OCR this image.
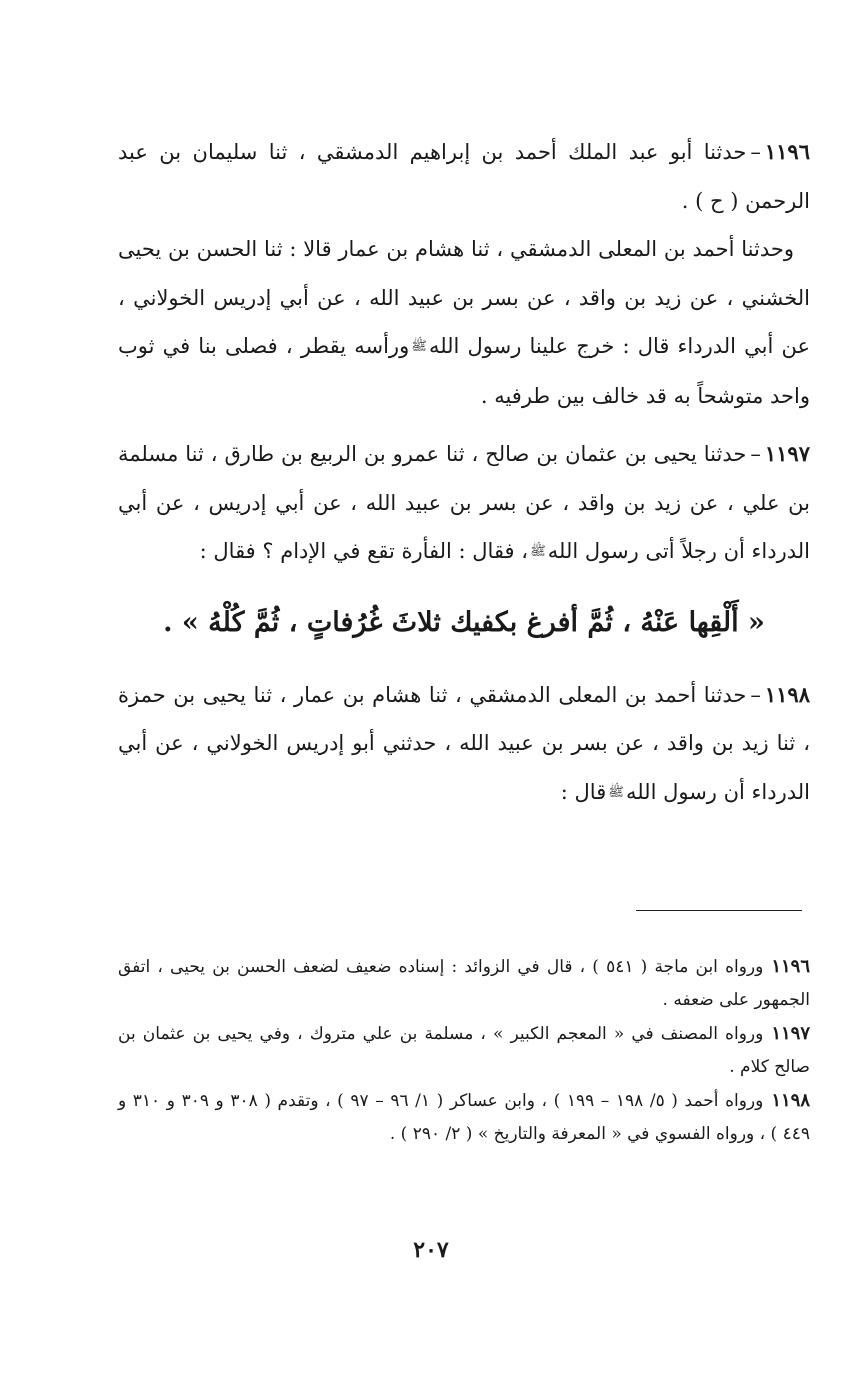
١١٩٦–حدثنا أبو عبد الملك أحمد بن إبراهيم الدمشقي ، ثنا سليمان بن عبد الرحمن ( ح ) .

وحدثنا أحمد بن المعلى الدمشقي ، ثنا هشام بن عمار قالا : ثنا الحسن بن يحيى الخشني ، عن زيد بن واقد ، عن بسر بن عبيد الله ، عن أبي إدريس الخولاني ، عن أبي الدرداء قال : خرج علينا رسول اللهﷺورأسه يقطر ، فصلى بنا في ثوب واحد متوشحاً به قد خالف بين طرفيه .

١١٩٧–حدثنا يحيى بن عثمان بن صالح ، ثنا عمرو بن الربيع بن طارق ، ثنا مسلمة بن علي ، عن زيد بن واقد ، عن بسر بن عبيد الله ، عن أبي إدريس ، عن أبي الدرداء أن رجلاً أتى رسول اللهﷺ، فقال : الفأرة تقع في الإدام ؟ فقال :

« أَلْقِها عَنْهُ ، ثُمَّ أفرغ بكفيك ثلاثَ غُرُفاتٍ ، ثُمَّ كُلْهُ » .

١١٩٨–حدثنا أحمد بن المعلى الدمشقي ، ثنا هشام بن عمار ، ثنا يحيى بن حمزة ، ثنا زيد بن واقد ، عن بسر بن عبيد الله ، حدثني أبو إدريس الخولاني ، عن أبي الدرداء أن رسول اللهﷺقال :

١١٩٦ورواه ابن ماجة ( ٥٤١ ) ، قال في الزوائد : إسناده ضعيف لضعف الحسن بن يحيى ، اتفق الجمهور على ضعفه .

١١٩٧ورواه المصنف في « المعجم الكبير » ، مسلمة بن علي متروك ، وفي يحيى بن عثمان بن صالح كلام .

١١٩٨ورواه أحمد ( ٥/ ١٩٨ – ١٩٩ ) ، وابن عساكر ( ١/ ٩٦ – ٩٧ ) ، وتقدم ( ٣٠٨ و ٣٠٩ و ٣١٠ و ٤٤٩ ) ، ورواه الفسوي في « المعرفة والتاريخ » ( ٢/ ٢٩٠ ) .

٢٠٧
